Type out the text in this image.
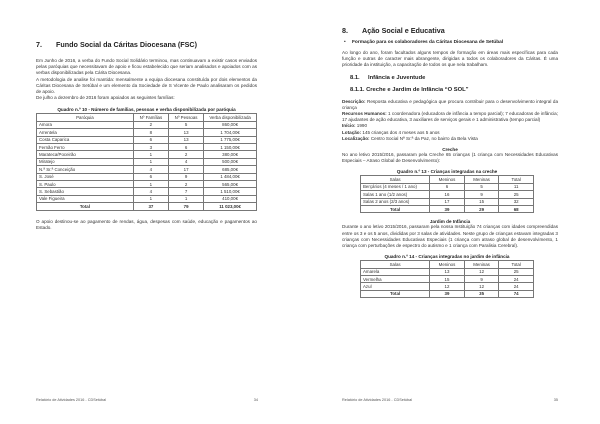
7.	Fundo Social da Cáritas Diocesana (FSC)

Em Junho de 2016, a verba do Fundo Social Solidário terminou, mas continuavam a existir casos enviados pelas paróquias que necessitavam de apoio e ficou estabelecido que seriam analisados e apoiados com as verbas disponibilizadas pela Cárita Diocesana.

A metodologia de analise foi mantida: mensalmente a equipa diocesana constituída por dois elementos da Cáritas Diocesana de Setúbal e um elemento da Sociedade de S Vicente de Paulo analisaram os pedidos de apoio.

De julho a dezembro de 2016 foram apoiados as seguintes famílias:

Quadro n.º 10 - Número de famílias, pessoas e verba disponibilizada por paróquia
Paróquia	Nº Famílias	Nº Pessoas	Verba disponibilizada
Amora	2	5	860,00€
Arrentela	8	13	1 704,00€
Costa Caparica	6	13	1 775,00€
Fernão Ferro	3	6	1 150,00€
Marateca/Poceirão	1	2	380,00€
Miratejo	1	4	500,00€
N.ª Sr.ª Conceição	4	17	685,00€
S. José	6	9	1 484,00€
S. Paulo	1	2	565,00€
S. Sebastião	4	7	1 510,00€
Vale Figueira	1	1	410,00€
Total	37	79	11 023,00€

O apoio destinou-se ao pagamento de rendas, água, despesas com saúde, educação e pagamentos ao Estado.

Relatório de Atividades 2016 - CDSetúbal	34
8.	Ação Social e Educativa
•	Formação para os colaboradores da Cáritas Diocesana de Setúbal

Ao longo do ano, foram facultados alguns tempos de formação em áreas mais específicas para cada função e outras de caracter mais abrangente, dirigidas a todos os colaboradores da Cáritas. É uma prioridade da instituição, a capacitação de todos os que nela trabalham.

8.1.	Infância e Juventude
8.1.1. Creche e Jardim de Infância “O SOL”

Descrição: Resposta educativa e pedagógica que procura contribuir para o desenvolvimento integral da criança

Recursos Humanos: 1 coordenadora (educadora de infância a tempo parcial); 7 educadoras de infância; 17 ajudantes de ação educativa, 3 auxiliares de serviços gerais e 1 administrativa (tempo parcial)

Início: 1990

Lotação: 145 crianças dos 4 meses aos 5 anos

Localização: Centro Social Nª Sr.ª da Paz, no bairro da Bela Vista

Creche

No ano letivo 2015/2016, passaram pela Creche 65 crianças (1 criança com Necessidades Educativas Especiais – Atraso Global de Desenvolvimento):

Quadro n.º 13 - Crianças integradas na creche
Salas	Meninos	Meninas	Total
Berçários (4 meses / 1 ano)	6	5	11
Salas 1 ano (1/2 anos)	16	9	25
Salas 2 anos (2/3 anos)	17	15	32
Total	39	29	68
Jardim de Infância

Durante o ano letivo 2015/2016, passaram pela nossa Instituição 74 crianças com idades compreendidas entre os 3 e os 5 anos, divididas por 3 salas de atividades. Neste grupo de crianças estavam integradas 3 crianças com Necessidades Educativas Especiais (1 criança com atraso global de desenvolvimento, 1 criança com perturbações de espectro do autismo e 1 criança com Paralisia Cerebral).

Quadro n.º 14 - Crianças integradas no jardim de infância
Salas	Meninos	Meninas	Total
Amarela	13	12	25
Vermelha	15	9	24
Azul	12	12	24
Total	39	35	74
Relatório de Atividades 2016 - CDSetúbal	35
